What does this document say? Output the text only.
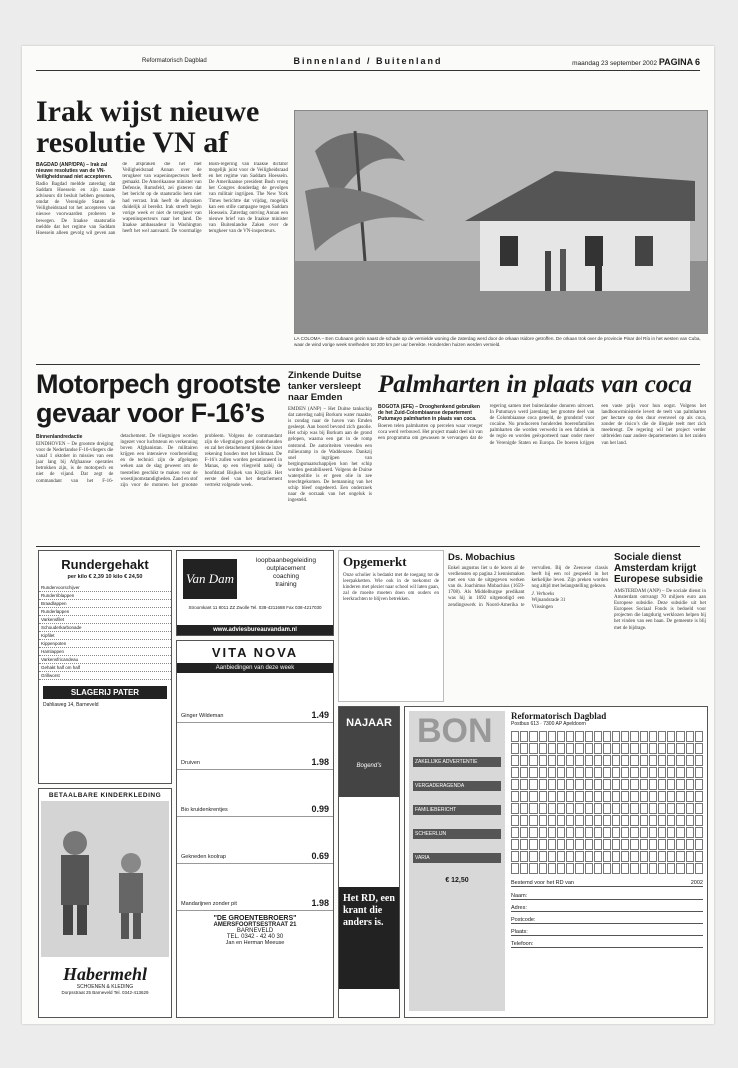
Reformatorisch Dagblad	Binnenland / Buitenland	maandag 23 september 2002 PAGINA 6
Irak wijst nieuwe resolutie VN af

BAGDAD (ANP/DPA) – Irak zal nieuwe resoluties van de VN-Veiligheidsraad niet accepteren.

Radio Bagdad meldde zaterdag dat Saddam Hoessein en zijn naaste adviseurs dit besluit hebben genomen, omdat de Verenigde Staten de Veiligheidsraad tot het accepteren van nieuwe voorwaarden proberen te bewegen. De Iraakse staatsradio meldde dat het regime van Saddam Hoessein alleen gevolg wil geven aan de afspraken die het met Veiligheidsraad Annan over de terugkeer van wapeninspecteurs heeft gemaakt. De Amerikaanse minister van Defensie, Rumsfeld, zei gisteren dat het bericht op de staatsradio hem niet had verrast. Irak heeft de afspraken duidelijk al bereikt. Irak streeft begin vorige week er niet de terugkeer van wapeninspecteurs naar het land. De Iraakse ambassadeur in Washington heeft het wel aanvaard. De voormalige Bush-regering van Iraakse dictator mogelijk juist voor de Veiligheidsraad en het regime van Saddam Hoessein. De Amerikaanse president Bush vroeg het Congres donderdag de gevolgen van militair ingrijpen. The New York Times berichtte dat vrijdag, mogelijk kan een stille campagne tegen Saddam Hoessein. Zaterdag ontving Annan een nieuwe brief van de Iraakse minister van Buitenlandse Zaken over de terugkeer van de VN-inspecteurs.

LA COLOMA – Een Cubaans gezin naast de schade op de vernielde woning die zaterdag werd door de orkaan Isidore getroffen. De orkaan trok over de provincie Pinar del Río in het westen van Cuba, waar de wind vorige week snelheden tot 200 km per uur bereikte. Honderden huizen werden vernield.
Motorpech grootste gevaar voor F-16’s

Binnenlandredactie

EINDHOVEN – De grootste dreiging voor de Nederlandse F-16-vliegers die vanaf 1 oktober in missies van een jaar lang bij Afghaanse operaties betrokken zijn, is de motorpech en niet de vijand. Dat zegt de commandant van het F-16-detachement. De vliegtuigen worden ingezet voor luchtsteun en verkenning boven Afghanistan. De militairen krijgen een intensieve voorbereiding en de technici zijn de afgelopen weken aan de slag geweest om de toestellen geschikt te maken voor de woestijnomstandigheden. Zand en stof zijn voor de motoren het grootste probleem. Volgens de commandant zijn de vliegtuigen goed onderhouden en zal het detachement tijdens de inzet rekening houden met het klimaat. De F-16’s zullen worden gestationeerd in Manas, op een vliegveld nabij de hoofdstad Bisjkek van Kirgizië. Het eerste deel van het detachement vertrekt volgende week.

Zinkende Duitse tanker versleept naar Emden

EMDEN (ANP) – Het Duitse tankschip dat zaterdag nabij Borkum water maakte, is zondag naar de haven van Emden gesleept. Aan boord bevond zich gasolie. Het schip was bij Borkum aan de grond gelopen, waarna een gat in de romp ontstond. De autoriteiten vreesden een milieuramp in de Waddenzee. Dankzij snel ingrijpen van bergingsmaatschappijen kon het schip worden gestabiliseerd. Volgens de Duitse waterpolitie is er geen olie in zee terechtgekomen. De bemanning van het schip bleef ongedeerd. Een onderzoek naar de oorzaak van het ongeluk is ingesteld.

Palmharten in plaats van coca

BOGOTA (EFE) – Drooghenkend gebruiken de het Zuid-Colombiaanse departement Putumayo palmharten in plaats van coca.

Boeren telen palmharten op percelen waar vroeger coca werd verbouwd. Het project maakt deel uit van een programma om gewassen te vervangen dat de regering samen met buitenlandse donoren uitvoert. In Putumayo werd jarenlang het grootste deel van de Colombiaanse coca geteeld, de grondstof voor cocaïne. Nu produceren honderden boerenfamilies palmharten die worden verwerkt in een fabriek in de regio en worden geëxporteerd naar onder meer de Verenigde Staten en Europa. De boeren krijgen een vaste prijs voor hun oogst. Volgens het landbouwministerie levert de teelt van palmharten per hectare op den duur evenveel op als coca, zonder de risico’s die de illegale teelt met zich meebrengt. De regering wil het project verder uitbreiden naar andere departementen in het zuiden van het land.

Rundergehakt
per kilo € 2,39 10 kilo € 24,50
Rundervoorschijver
Runderriblappen
Braadlappen
Runderlappen
Varkensfilet
Schouderkarbonade
Kipfilet
Kippenpoten
Hamlappen
Varkensfricandeau
Gehakt half om half
Grillworst
SLAGERIJ PATER
Dahliaweg 14, Barneveld
Van Dam
loopbaanbegeleiding
outplacement
coaching
training
Stroomkant 11 8011 ZZ Zwolle Tel. 038-4211688 Fax 038-4217030
www.adviesbureauvandam.nl
Opgemerkt

Onze scholier is bedankt met de toegang tot de leerpakketten. Wie ook in de toekomst de kinderen met plezier naar school wil laten gaan, zal de moeite moeten doen om ouders en leerkrachten te blijven betrekken.

Ds. Mobachius

Enkel augustus liet u de lezers al de verdiensten op pagina 2 kennismaken met een van de uitgegeven werken van ds. Joachimus Mobachius (1659-1708). Als Middelburgse predikant was hij in 1692 uitgenodigd een zendingswerk in Noord-Amerika te vervullen. Bij de Zeeuwse classis heeft hij een rol gespeeld in het kerkelijke leven. Zijn preken worden nog altijd met belangstelling gelezen.

J. Verhoeks

Wijnandsrade 31

Vlissingen

Sociale dienst Amsterdam krijgt Europese subsidie

AMSTERDAM (ANP) – De sociale dienst in Amsterdam ontvangt 70 miljoen euro aan Europese subsidie. Deze subsidie uit het Europees Sociaal Fonds is bedoeld voor projecten die langdurig werklozen helpen bij het vinden van een baan. De gemeente is blij met de bijdrage.

VITA NOVA
Aanbiedingen van deze week
Ginger Wildeman	1.49
Druiven	1.98
Bio kruidenkrentjes	0.99
Gekneden koolrap	0.69
Mandarijnen zonder pit	1.98
"DE GROENTEBROERS"
AMERSFOORTSESTRAAT 21
BARNEVELD
TEL. 0342 - 42 40 30
Jan en Herman Meeuse
NAJAAR
Bogend’s
Het RD, een krant die anders is.
BETAALBARE KINDERKLEDING
Habermehl
SCHOENEN & KLEDING
Dorpsstraat 25 Barneveld Tel. 0342-413629
BON
ZAKELIJKE ADVERTENTIE
VERGADERAGENDA
FAMILIEBERICHT
SCHEERLIJN
VARIA
€ 12,50
Reformatorisch Dagblad
Postbus 613 · 7300 AP Apeldoorn
Bestemd voor het RD van	2002
Naam:
Adres:
Postcode:
Plaats:
Telefoon:
